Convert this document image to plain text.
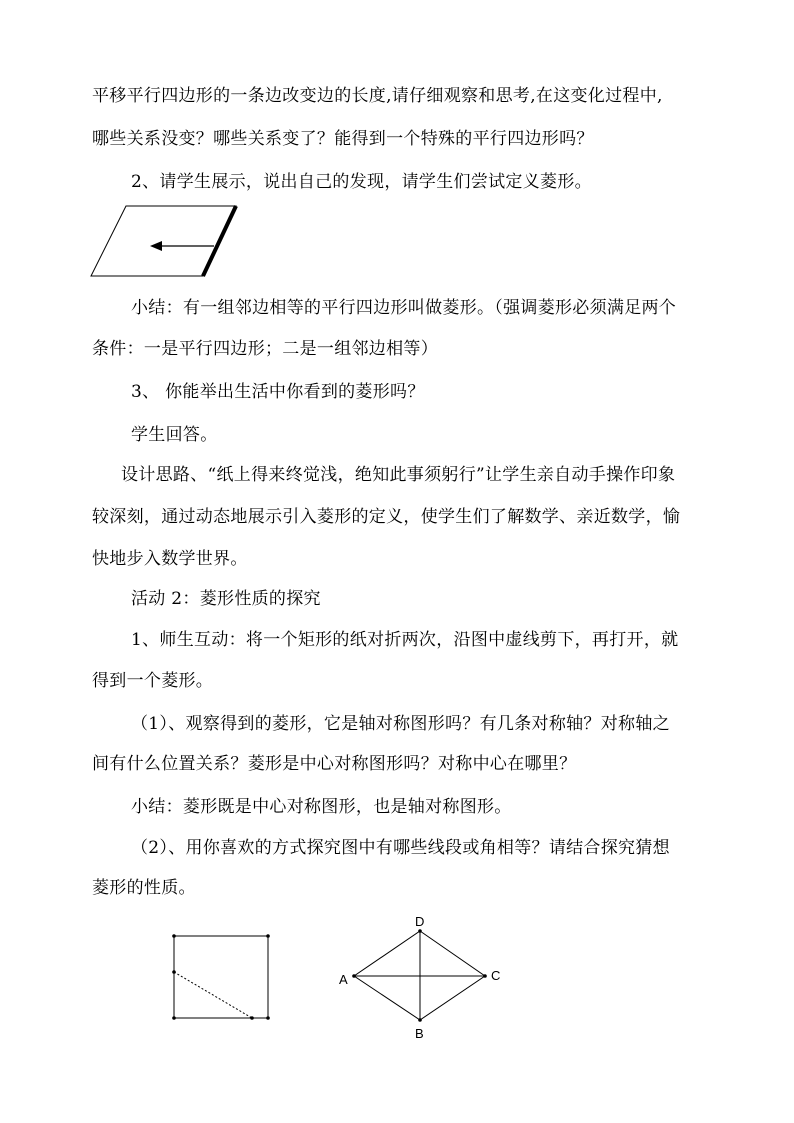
平移平行四边形的一条边改变边的长度,请仔细观察和思考,在这变化过程中,
哪些关系没变？哪些关系变了？能得到一个特殊的平行四边形吗？
2、请学生展示，说出自己的发现，请学生们尝试定义菱形。
小结：有一组邻边相等的平行四边形叫做菱形。（强调菱形必须满足两个
条件：一是平行四边形；二是一组邻边相等）
3、 你能举出生活中你看到的菱形吗？
学生回答。
设计思路、“纸上得来终觉浅，绝知此事须躬行”让学生亲自动手操作印象
较深刻，通过动态地展示引入菱形的定义，使学生们了解数学、亲近数学，愉
快地步入数学世界。
活动 2：菱形性质的探究
1、师生互动：将一个矩形的纸对折两次，沿图中虚线剪下，再打开，就
得到一个菱形。
（1）、观察得到的菱形，它是轴对称图形吗？有几条对称轴？对称轴之
间有什么位置关系？菱形是中心对称图形吗？对称中心在哪里？
小结：菱形既是中心对称图形，也是轴对称图形。
（2）、用你喜欢的方式探究图中有哪些线段或角相等？请结合探究猜想
菱形的性质。
D
C
B
A
